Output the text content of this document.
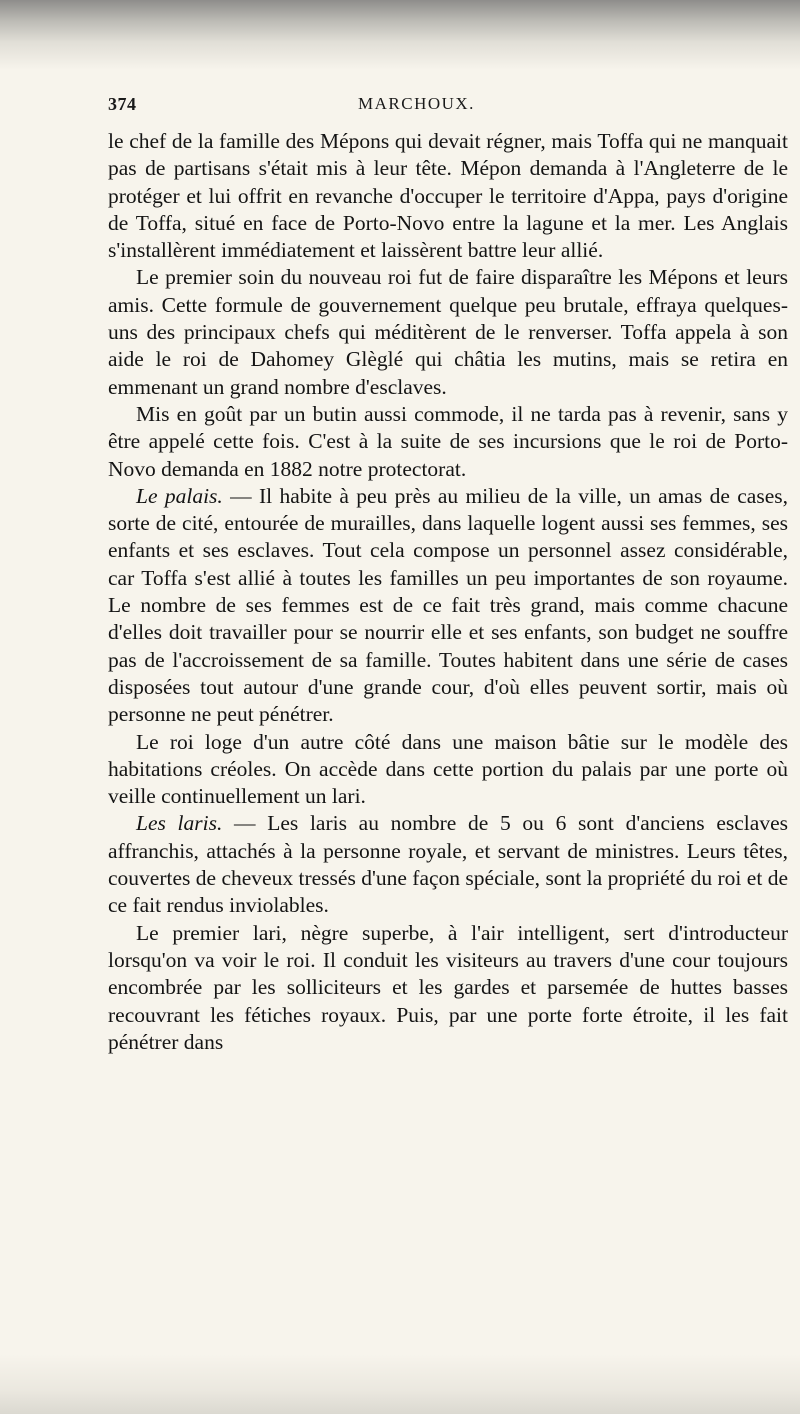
374	MARCHOUX.

le chef de la famille des Mépons qui devait régner, mais Toffa qui ne manquait pas de partisans s'était mis à leur tête. Mépon demanda à l'Angleterre de le protéger et lui offrit en revanche d'occuper le territoire d'Appa, pays d'origine de Toffa, situé en face de Porto-Novo entre la lagune et la mer. Les Anglais s'installèrent immédiatement et laissèrent battre leur allié.

Le premier soin du nouveau roi fut de faire disparaître les Mépons et leurs amis. Cette formule de gouvernement quelque peu brutale, effraya quelques-uns des principaux chefs qui méditèrent de le renverser. Toffa appela à son aide le roi de Dahomey Glèglé qui châtia les mutins, mais se retira en emmenant un grand nombre d'esclaves.

Mis en goût par un butin aussi commode, il ne tarda pas à revenir, sans y être appelé cette fois. C'est à la suite de ses incursions que le roi de Porto-Novo demanda en 1882 notre protectorat.

Le palais. — Il habite à peu près au milieu de la ville, un amas de cases, sorte de cité, entourée de murailles, dans laquelle logent aussi ses femmes, ses enfants et ses esclaves. Tout cela compose un personnel assez considérable, car Toffa s'est allié à toutes les familles un peu importantes de son royaume. Le nombre de ses femmes est de ce fait très grand, mais comme chacune d'elles doit travailler pour se nourrir elle et ses enfants, son budget ne souffre pas de l'accroissement de sa famille. Toutes habitent dans une série de cases disposées tout autour d'une grande cour, d'où elles peuvent sortir, mais où personne ne peut pénétrer.

Le roi loge d'un autre côté dans une maison bâtie sur le modèle des habitations créoles. On accède dans cette portion du palais par une porte où veille continuellement un lari.

Les laris. — Les laris au nombre de 5 ou 6 sont d'anciens esclaves affranchis, attachés à la personne royale, et servant de ministres. Leurs têtes, couvertes de cheveux tressés d'une façon spéciale, sont la propriété du roi et de ce fait rendus inviolables.

Le premier lari, nègre superbe, à l'air intelligent, sert d'introducteur lorsqu'on va voir le roi. Il conduit les visiteurs au travers d'une cour toujours encombrée par les solliciteurs et les gardes et parsemée de huttes basses recouvrant les fétiches royaux. Puis, par une porte forte étroite, il les fait pénétrer dans
